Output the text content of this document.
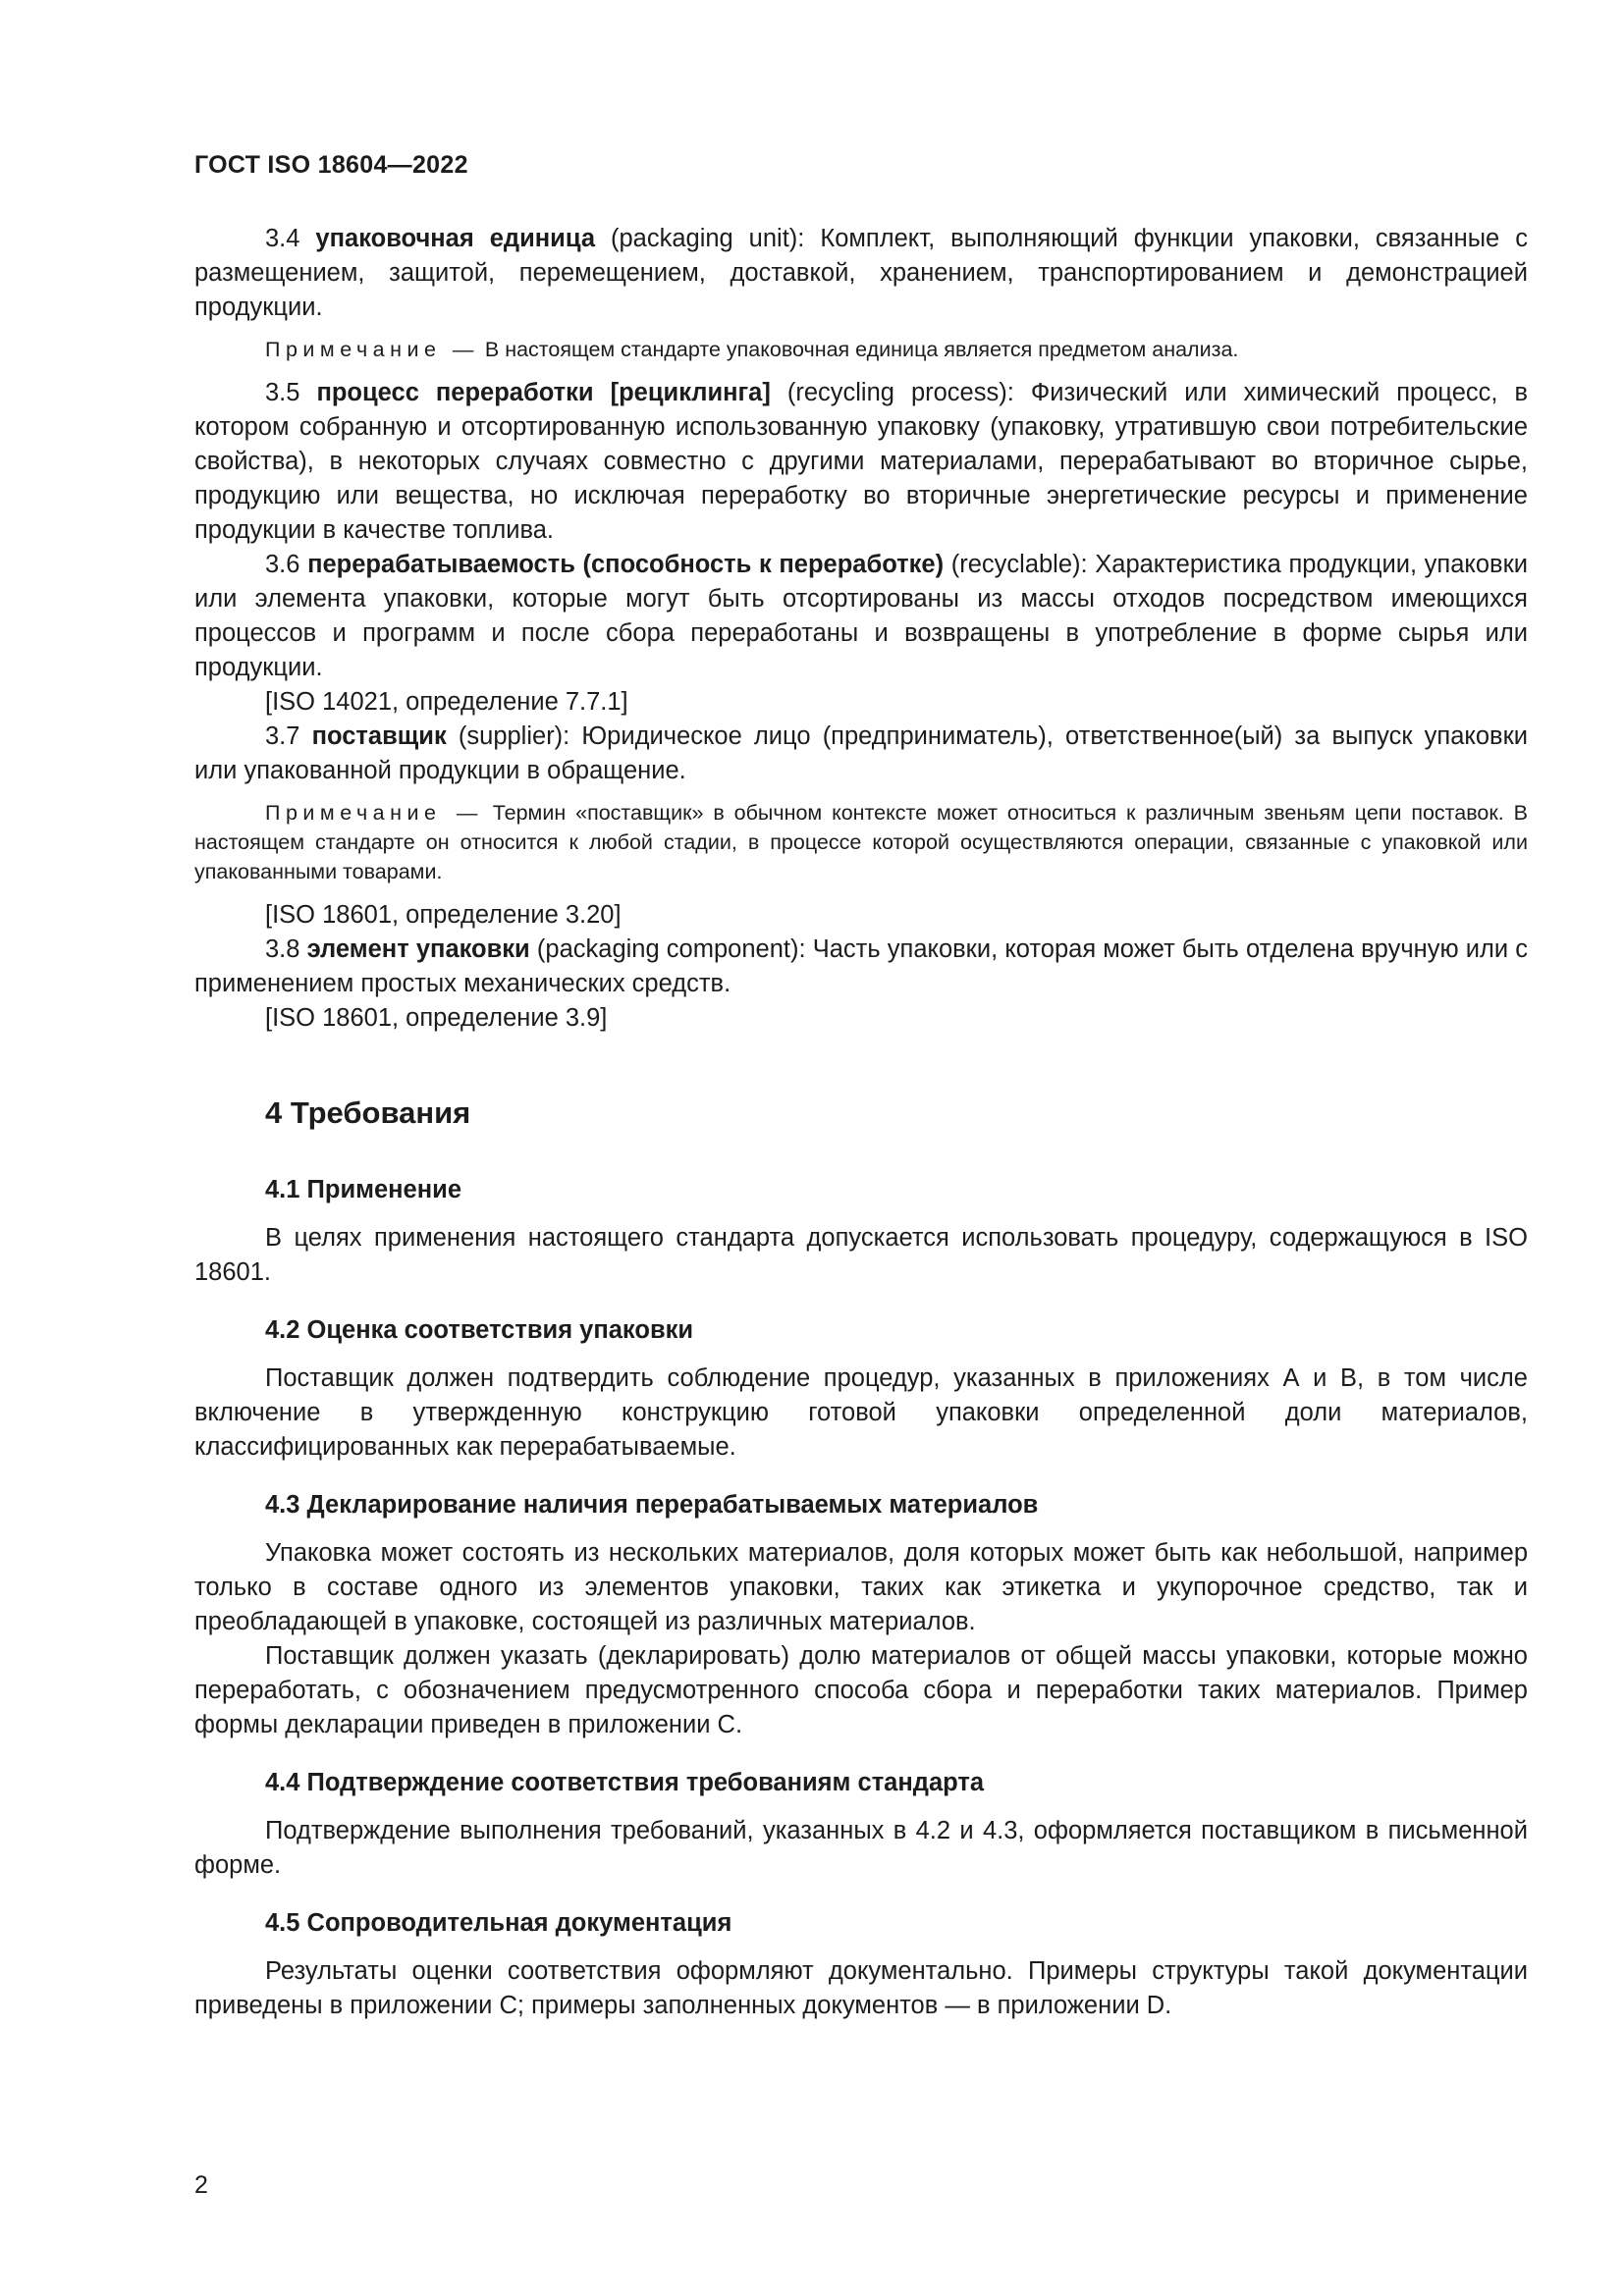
ГОСТ ISO 18604—2022

3.4 упаковочная единица (packaging unit): Комплект, выполняющий функции упаковки, связанные с размещением, защитой, перемещением, доставкой, хранением, транспортированием и демонстрацией продукции.

Примечание — В настоящем стандарте упаковочная единица является предметом анализа.

3.5 процесс переработки [рециклинга] (recycling process): Физический или химический процесс, в котором собранную и отсортированную использованную упаковку (упаковку, утратившую свои потребительские свойства), в некоторых случаях совместно с другими материалами, перерабатывают во вторичное сырье, продукцию или вещества, но исключая переработку во вторичные энергетические ресурсы и применение продукции в качестве топлива.

3.6 перерабатываемость (способность к переработке) (recyclable): Характеристика продукции, упаковки или элемента упаковки, которые могут быть отсортированы из массы отходов посредством имеющихся процессов и программ и после сбора переработаны и возвращены в употребление в форме сырья или продукции.

[ISO 14021, определение 7.7.1]

3.7 поставщик (supplier): Юридическое лицо (предприниматель), ответственное(ый) за выпуск упаковки или упакованной продукции в обращение.

Примечание — Термин «поставщик» в обычном контексте может относиться к различным звеньям цепи поставок. В настоящем стандарте он относится к любой стадии, в процессе которой осуществляются операции, связанные с упаковкой или упакованными товарами.

[ISO 18601, определение 3.20]

3.8 элемент упаковки (packaging component): Часть упаковки, которая может быть отделена вручную или с применением простых механических средств.

[ISO 18601, определение 3.9]

4 Требования
4.1 Применение

В целях применения настоящего стандарта допускается использовать процедуру, содержащуюся в ISO 18601.

4.2 Оценка соответствия упаковки

Поставщик должен подтвердить соблюдение процедур, указанных в приложениях А и В, в том числе включение в утвержденную конструкцию готовой упаковки определенной доли материалов, классифицированных как перерабатываемые.

4.3 Декларирование наличия перерабатываемых материалов

Упаковка может состоять из нескольких материалов, доля которых может быть как небольшой, например только в составе одного из элементов упаковки, таких как этикетка и укупорочное средство, так и преобладающей в упаковке, состоящей из различных материалов.

Поставщик должен указать (декларировать) долю материалов от общей массы упаковки, которые можно переработать, с обозначением предусмотренного способа сбора и переработки таких материалов. Пример формы декларации приведен в приложении С.

4.4 Подтверждение соответствия требованиям стандарта

Подтверждение выполнения требований, указанных в 4.2 и 4.3, оформляется поставщиком в письменной форме.

4.5 Сопроводительная документация

Результаты оценки соответствия оформляют документально. Примеры структуры такой документации приведены в приложении С; примеры заполненных документов — в приложении D.

2
